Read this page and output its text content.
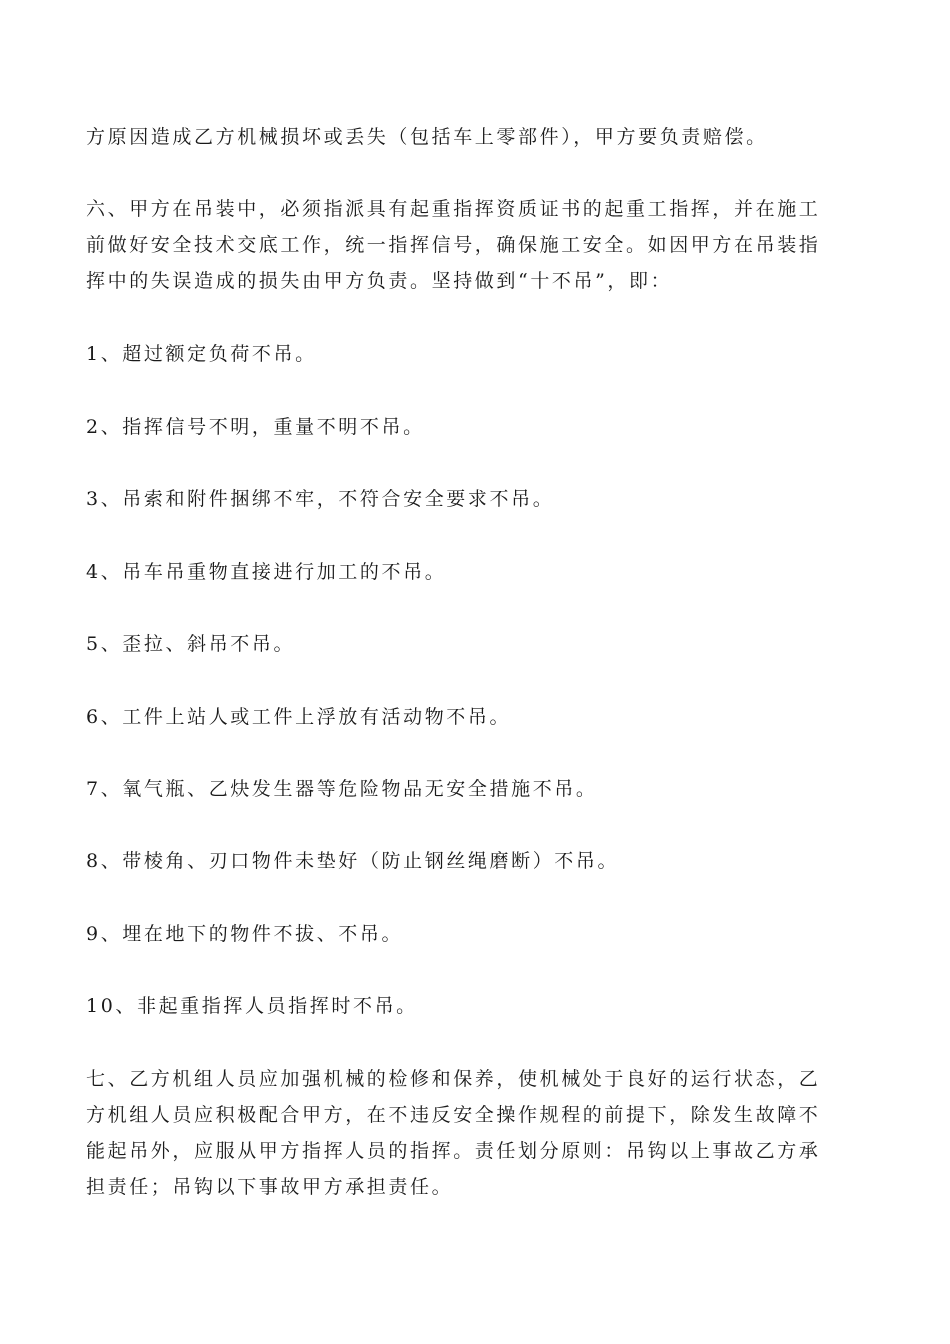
方原因造成乙方机械损坏或丢失（包括车上零部件），甲方要负责赔偿。

六、甲方在吊装中，必须指派具有起重指挥资质证书的起重工指挥，并在施工
前做好安全技术交底工作，统一指挥信号，确保施工安全。如因甲方在吊装指
挥中的失误造成的损失由甲方负责。坚持做到“十不吊”，即：

1、超过额定负荷不吊。

2、指挥信号不明，重量不明不吊。

3、吊索和附件捆绑不牢，不符合安全要求不吊。

4、吊车吊重物直接进行加工的不吊。

5、歪拉、斜吊不吊。

6、工件上站人或工件上浮放有活动物不吊。

7、氧气瓶、乙炔发生器等危险物品无安全措施不吊。

8、带棱角、刃口物件未垫好（防止钢丝绳磨断）不吊。

9、埋在地下的物件不拔、不吊。

10、非起重指挥人员指挥时不吊。

七、乙方机组人员应加强机械的检修和保养，使机械处于良好的运行状态，乙
方机组人员应积极配合甲方，在不违反安全操作规程的前提下，除发生故障不
能起吊外，应服从甲方指挥人员的指挥。责任划分原则：吊钩以上事故乙方承
担责任；吊钩以下事故甲方承担责任。
